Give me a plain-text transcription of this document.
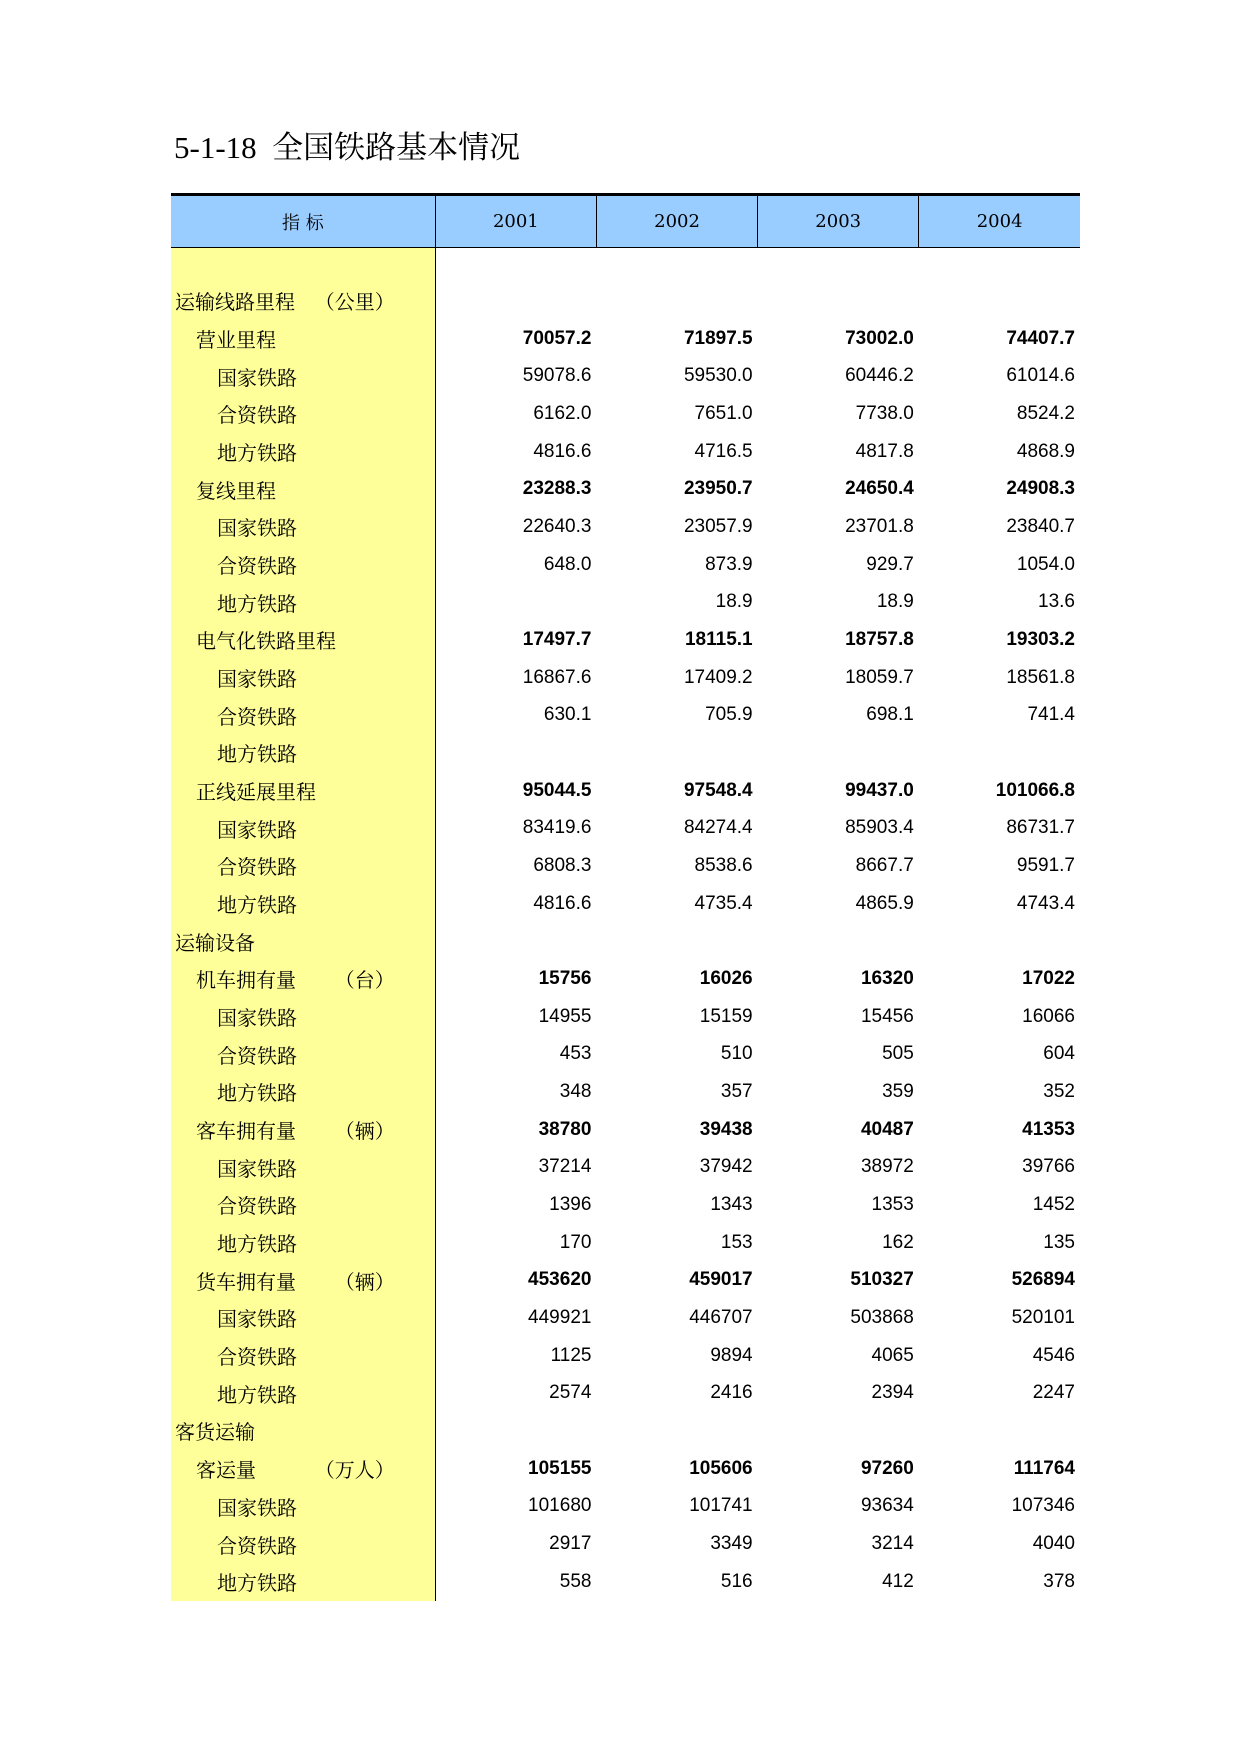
5-1-18  全国铁路基本情况
指 标	2001	2002	2003	2004

运输线路里程 （公里）				

营业里程	70057.2	71897.5	73002.0	74407.7

国家铁路	59078.6	59530.0	60446.2	61014.6

合资铁路	6162.0	7651.0	7738.0	8524.2

地方铁路	4816.6	4716.5	4817.8	4868.9

复线里程	23288.3	23950.7	24650.4	24908.3

国家铁路	22640.3	23057.9	23701.8	23840.7

合资铁路	648.0	873.9	929.7	1054.0

地方铁路		18.9	18.9	13.6

电气化铁路里程	17497.7	18115.1	18757.8	19303.2

国家铁路	16867.6	17409.2	18059.7	18561.8

合资铁路	630.1	705.9	698.1	741.4

地方铁路				

正线延展里程	95044.5	97548.4	99437.0	101066.8

国家铁路	83419.6	84274.4	85903.4	86731.7

合资铁路	6808.3	8538.6	8667.7	9591.7

地方铁路	4816.6	4735.4	4865.9	4743.4

运输设备				

机车拥有量 （台）	15756	16026	16320	17022

国家铁路	14955	15159	15456	16066

合资铁路	453	510	505	604

地方铁路	348	357	359	352

客车拥有量 （辆）	38780	39438	40487	41353

国家铁路	37214	37942	38972	39766

合资铁路	1396	1343	1353	1452

地方铁路	170	153	162	135

货车拥有量 （辆）	453620	459017	510327	526894

国家铁路	449921	446707	503868	520101

合资铁路	1125	9894	4065	4546

地方铁路	2574	2416	2394	2247

客货运输				

客运量 （万人）	105155	105606	97260	111764

国家铁路	101680	101741	93634	107346

合资铁路	2917	3349	3214	4040

地方铁路	558	516	412	378
